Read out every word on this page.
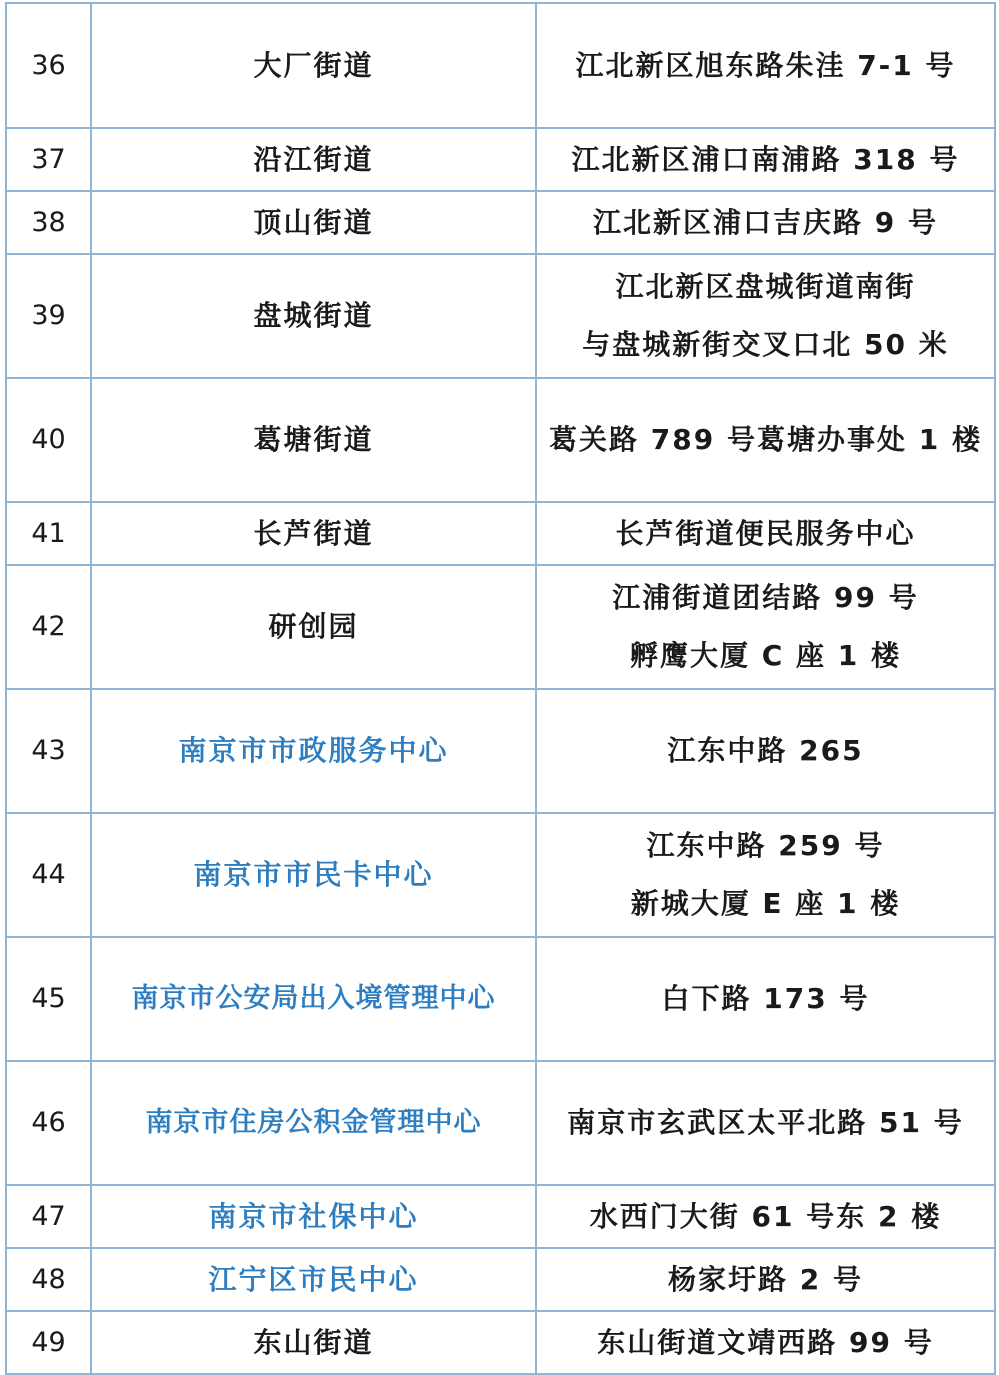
36	大厂街道	江北新区旭东路朱洼 7-1 号

37	沿江街道	江北新区浦口南浦路 318 号

38	顶山街道	江北新区浦口吉庆路 9 号

39	盘城街道	江北新区盘城街道南街
与盘城新街交叉口北 50 米

40	葛塘街道	葛关路 789 号葛塘办事处 1 楼

41	长芦街道	长芦街道便民服务中心

42	研创园	江浦街道团结路 99 号
孵鹰大厦 C 座 1 楼

43	南京市市政服务中心	江东中路 265

44	南京市市民卡中心	江东中路 259 号
新城大厦 E 座 1 楼

45	南京市公安局出入境管理中心	白下路 173 号

46	南京市住房公积金管理中心	南京市玄武区太平北路 51 号

47	南京市社保中心	水西门大街 61 号东 2 楼

48	江宁区市民中心	杨家圩路 2 号

49	东山街道	东山街道文靖西路 99 号
